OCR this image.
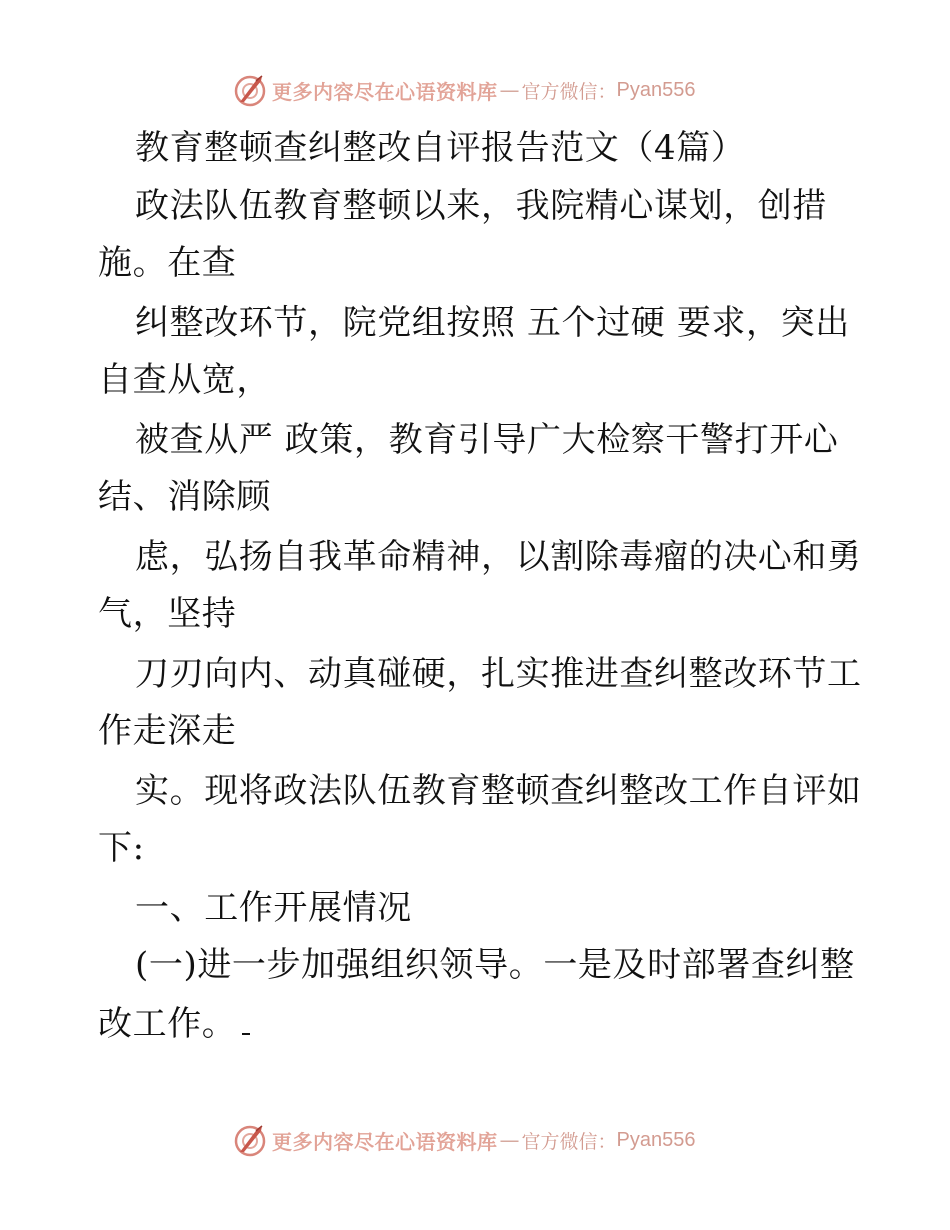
更多内容尽在心语资料库 — 官方微信： Pyan556
教育整顿查纠整改自评报告范文（4篇）
政法队伍教育整顿以来，我院精心谋划，创措
施。在查
纠整改环节，院党组按照 五个过硬 要求，突出
自查从宽，
被查从严 政策，教育引导广大检察干警打开心
结、消除顾
虑，弘扬自我革命精神，以割除毒瘤的决心和勇
气，坚持
刀刃向内、动真碰硬，扎实推进查纠整改环节工
作走深走
实。现将政法队伍教育整顿查纠整改工作自评如
下:
一、工作开展情况
(一)进一步加强组织领导。一是及时部署查纠整
改工作。
更多内容尽在心语资料库 — 官方微信： Pyan556
